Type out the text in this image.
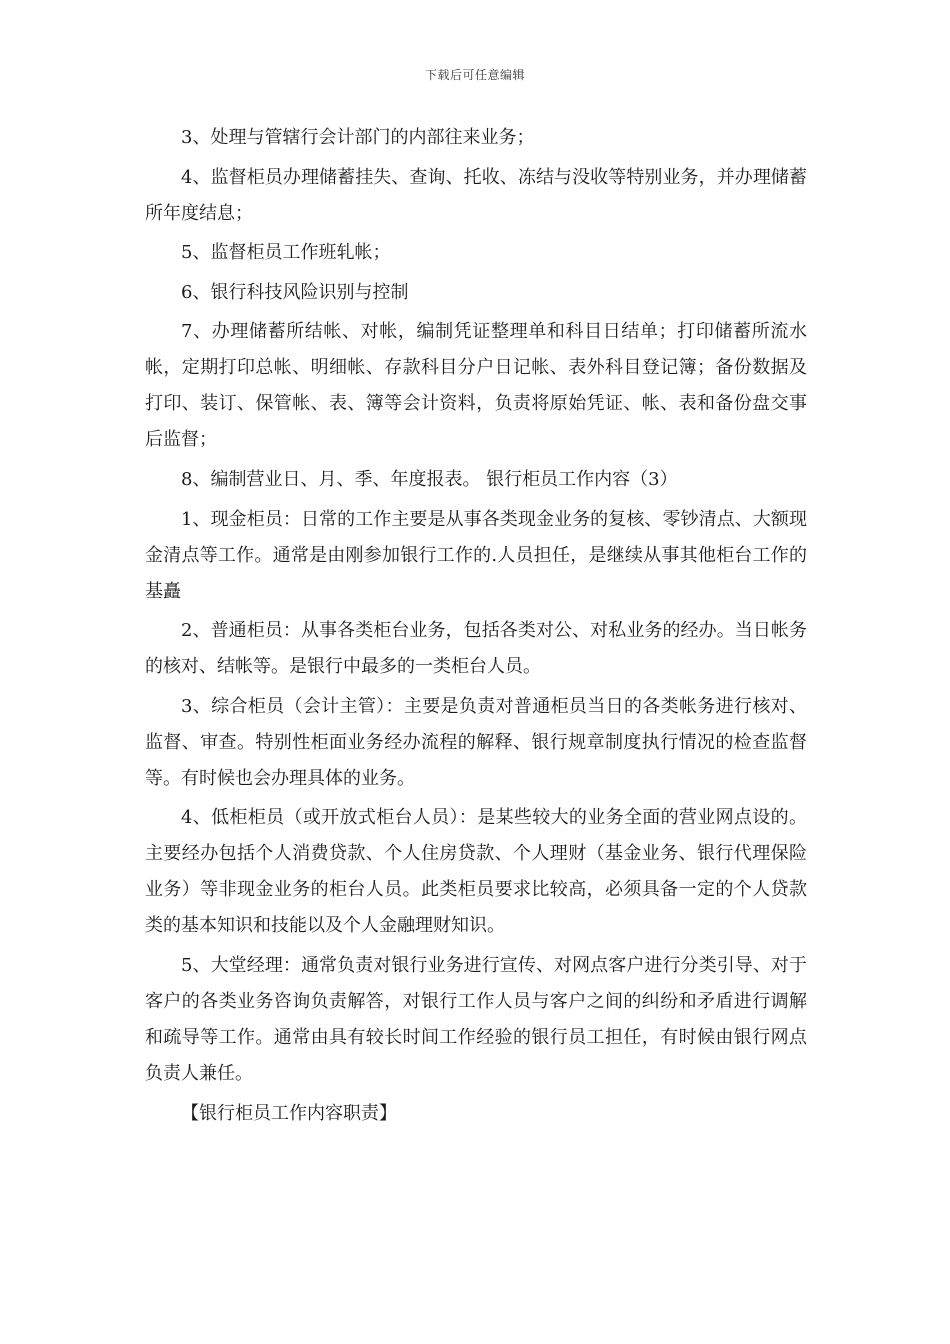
下载后可任意编辑

3、处理与管辖行会计部门的内部往来业务；

4、监督柜员办理储蓄挂失、查询、托收、冻结与没收等特别业务，并办理储蓄所年度结息；

5、监督柜员工作班轧帐；

6、银行科技风险识别与控制

7、办理储蓄所结帐、对帐，编制凭证整理单和科目日结单；打印储蓄所流水帐，定期打印总帐、明细帐、存款科目分户日记帐、表外科目登记簿；备份数据及打印、装订、保管帐、表、簿等会计资料，负责将原始凭证、帐、表和备份盘交事后监督；

8、编制营业日、月、季、年度报表。 银行柜员工作内容（3）

1、现金柜员：日常的工作主要是从事各类现金业务的复核、零钞清点、大额现金清点等工作。通常是由刚参加银行工作的.人员担任，是继续从事其他柜台工作的基矗

2、普通柜员：从事各类柜台业务，包括各类对公、对私业务的经办。当日帐务的核对、结帐等。是银行中最多的一类柜台人员。

3、综合柜员（会计主管）：主要是负责对普通柜员当日的各类帐务进行核对、监督、审查。特别性柜面业务经办流程的解释、银行规章制度执行情况的检查监督等。有时候也会办理具体的业务。

4、低柜柜员（或开放式柜台人员）：是某些较大的业务全面的营业网点设的。主要经办包括个人消费贷款、个人住房贷款、个人理财（基金业务、银行代理保险业务）等非现金业务的柜台人员。此类柜员要求比较高，必须具备一定的个人贷款类的基本知识和技能以及个人金融理财知识。

5、大堂经理：通常负责对银行业务进行宣传、对网点客户进行分类引导、对于客户的各类业务咨询负责解答，对银行工作人员与客户之间的纠纷和矛盾进行调解和疏导等工作。通常由具有较长时间工作经验的银行员工担任，有时候由银行网点负责人兼任。

【银行柜员工作内容职责】
